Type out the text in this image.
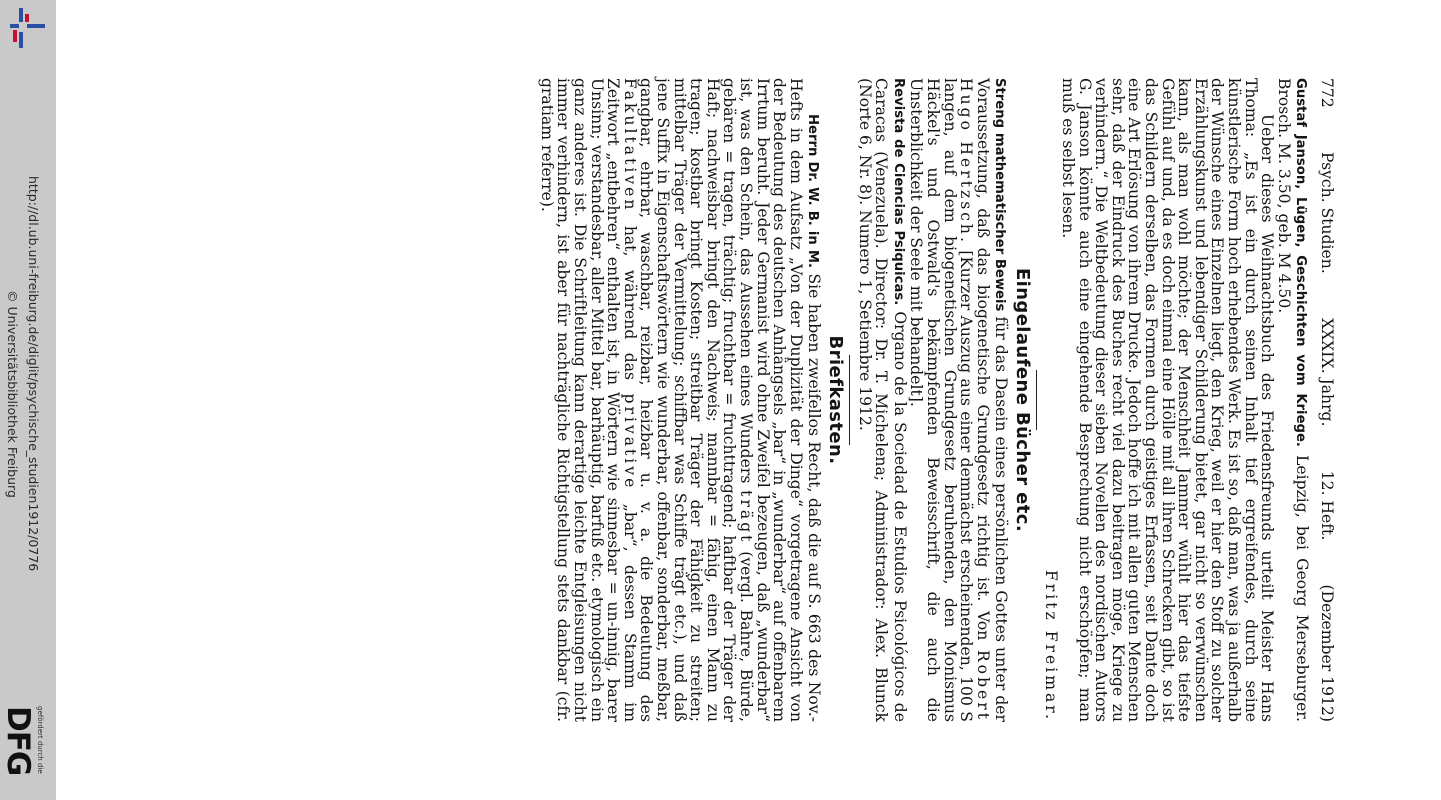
http://dl.ub.uni-freiburg.de/diglit/psychische_studien1912/0776
© Universitätsbibliothek Freiburg
gefördert durch die
DFG
772
Psych. Studien.
XXXIX. Jahrg.
12. Heft.
(Dezember 1912)

Gustaf Janson, Lügen, Geschichten vom Kriege. Leipzig, bei Georg Merseburger. Brosch. M. 3.50, geb. M 4.50.

Ueber dieses Weihnachtsbuch des Friedensfreunds urteilt Meister Hans Thoma: „Es ist ein durch seinen Inhalt tief ergreifendes, durch seine künstlerische Form hoch erhebendes Werk. Es ist so, daß man, was ja außerhalb der Wünsche eines Einzelnen liegt, den Krieg, weil er hier den Stoff zu solcher Erzählungskunst und lebendiger Schilderung bietet, gar nicht so verwünschen kann, als man wohl möchte; der Menschheit Jammer wühlt hier das tiefste Gefühl auf und, da es doch einmal eine Hölle mit all ihren Schrecken gibt, so ist das Schildern derselben, das Formen durch geistiges Erfassen, seit Dante doch eine Art Erlösung von ihrem Drucke. Jedoch hoffe ich mit allen guten Menschen sehr, daß der Eindruck des Buches recht viel dazu beitragen möge, Kriege zu verhindern.“ Die Weltbedeutung dieser sieben Novellen des nordischen Autors G. Janson könnte auch eine eingehende Besprechung nicht erschöpfen; man muß es selbst lesen.

Fritz Freimar.

Eingelaufene Bücher etc.

Streng mathematischer Beweis für das Dasein eines persönlichen Gottes unter der Voraussetzung, daß das biogenetische Grundgesetz richtig ist. Von Robert Hugo Hertzsch. [Kurzer Auszug aus einer demnächst erscheinenden, 100 S langen, auf dem biogenetischen Grundgesetz beruhenden, den Monismus Häckel's und Ostwald's bekämpfenden Beweisschrift, die auch die Unsterblichkeit der Seele mit behandelt].

Revista de Ciencias Psiquicas. Organo de la Sociedad de Estudios Psicológicos de Caracas (Venezuela). Director: Dr. T. Michelena; Administrador: Alex. Blunck (Norte 6, Nr. 8). Numero 1, Setiembre 1912.

Briefkasten.

Herrn Dr. W. B. in M. Sie haben zweifellos Recht, daß die auf S. 663 des Nov.-Hefts in dem Aufsatz „Von der Duplizität der Dinge“ vorgetragene Ansicht von der Bedeutung des deutschen Anhängsels „bar“ in „wunderbar“ auf offenbarem Irrtum beruht. Jeder Germanist wird ohne Zweifel bezeugen, daß „wunderbar“ ist, was den Schein, das Aussehen eines Wunders trägt (vergl. Bahre, Bürde, gebären = tragen, trächtig; fruchtbar = fruchttragend; haftbar der Träger der Haft; nachweisbar bringt den Nachweis; mannbar = fähig, einen Mann zu tragen; kostbar bringt Kosten; streitbar Träger der Fähigkeit zu streiten; mittelbar Träger der Vermittelung; schiffbar was Schiffe trägt etc.), und daß jene Suffix in Eigenschaftswörtern wie wunderbar, offenbar, sonderbar, meßbar, gangbar, ehrbar, waschbar, reizbar, heizbar u. v. a. die Bedeutung des Fakultativen hat, während das privative „bar“, dessen Stamm im Zeitwort „entbehren“ enthalten ist, in Wörtern wie sinnesbar = un-innig, barer Unsinn; verstandesbar, aller Mittel bar, barhäuptig, barfuß etc. etymologisch ein ganz anderes ist. Die Schriftleitung kann derartige leichte Entgleisungen nicht immer verhindern, ist aber für nachträgliche Richtigstellung stets dankbar (cfr. gratiam referre).
